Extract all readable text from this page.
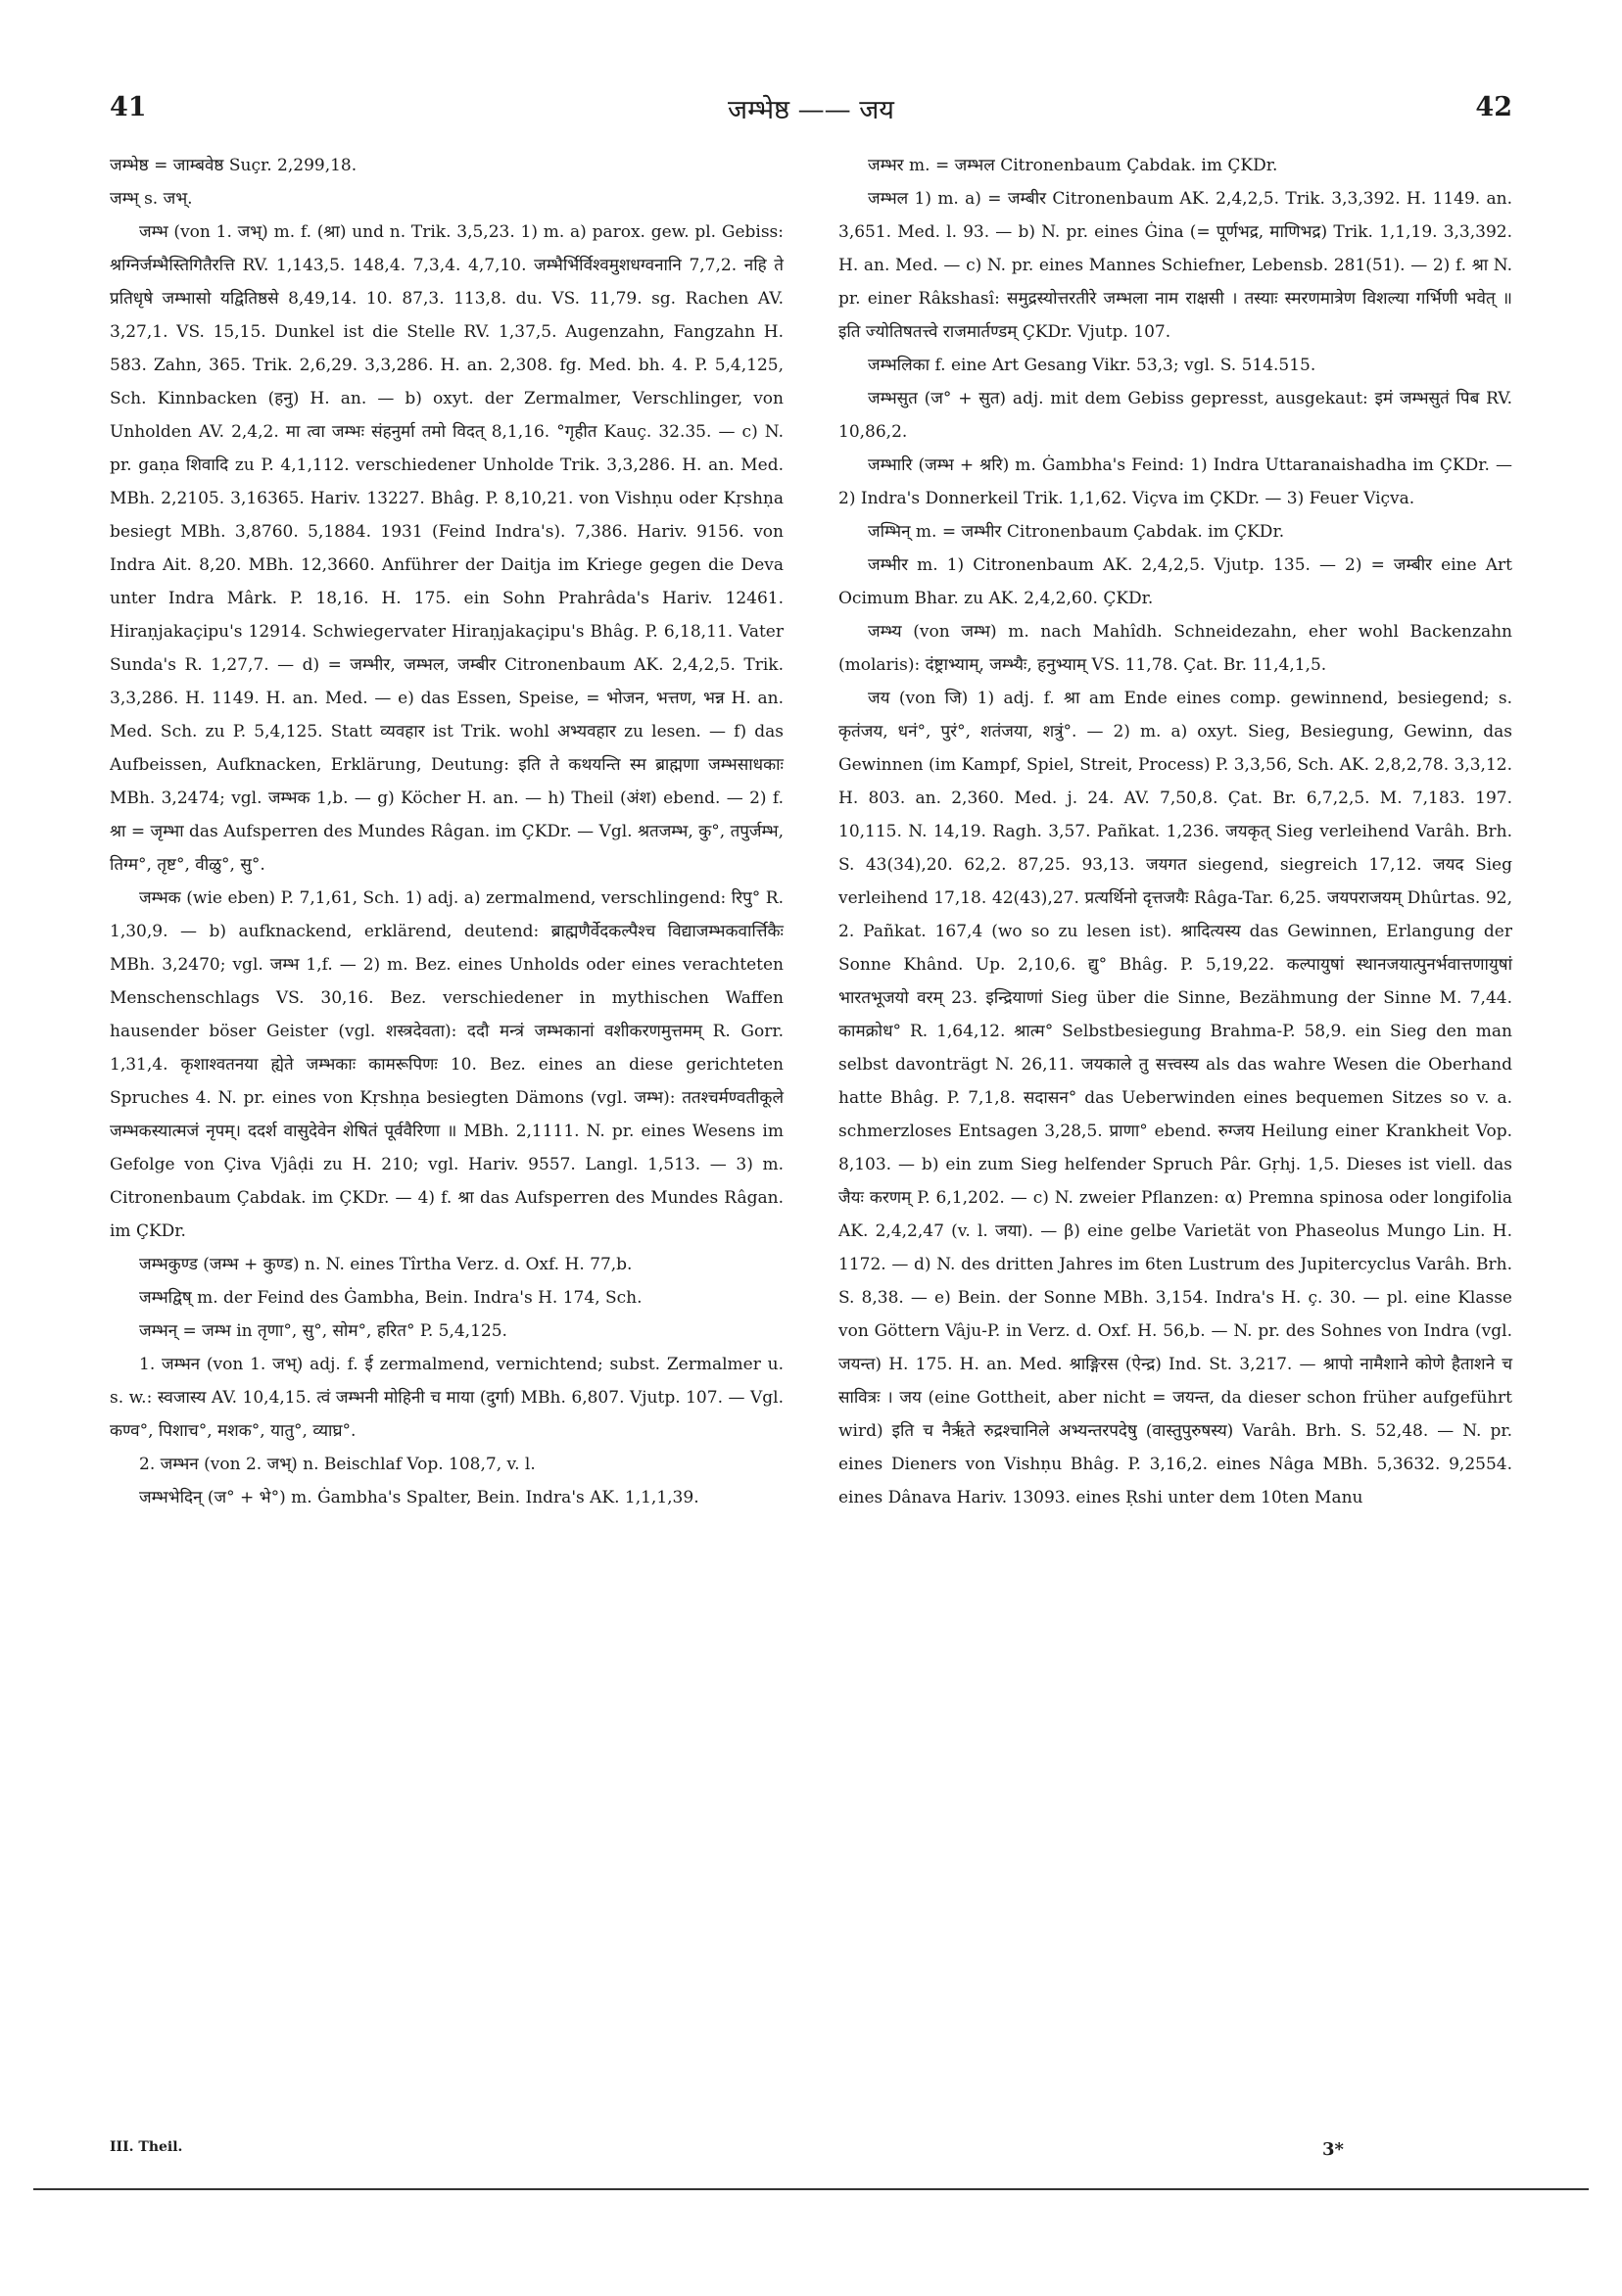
41	जम्भेष्ठ —— जय	42

जम्भेष्ठ = जाम्बवेष्ठ Suçr. 2,299,18.

जम्भ् s. जभ्.

जम्भ (von 1. जभ्) m. f. (श्रा) und n. Trik. 3,5,23. 1) m. a) parox. gew. pl. Gebiss: श्रग्निर्जम्भैस्तिगितैरत्ति RV. 1,143,5. 148,4. 7,3,4. 4,7,10. जम्भैर्भिर्विश्वमुशधग्वनानि 7,7,2. नहि ते प्रतिधृषे जम्भासो यद्वितिष्ठसे 8,49,14. 10. 87,3. 113,8. du. VS. 11,79. sg. Rachen AV. 3,27,1. VS. 15,15. Dunkel ist die Stelle RV. 1,37,5. Augenzahn, Fangzahn H. 583. Zahn, 365. Trik. 2,6,29. 3,3,286. H. an. 2,308. fg. Med. bh. 4. P. 5,4,125, Sch. Kinnbacken (हनु) H. an. — b) oxyt. der Zermalmer, Verschlinger, von Unholden AV. 2,4,2. मा त्वा जम्भः संहनुर्मा तमो विदत् 8,1,16. °गृहीत Kauç. 32.35. — c) N. pr. gaṇa शिवादि zu P. 4,1,112. verschiedener Unholde Trik. 3,3,286. H. an. Med. MBh. 2,2105. 3,16365. Hariv. 13227. Bhâg. P. 8,10,21. von Vishṇu oder Kṛshṇa besiegt MBh. 3,8760. 5,1884. 1931 (Feind Indra's). 7,386. Hariv. 9156. von Indra Ait. 8,20. MBh. 12,3660. Anführer der Daitja im Kriege gegen die Deva unter Indra Mârk. P. 18,16. H. 175. ein Sohn Prahrâda's Hariv. 12461. Hiraṇjakaçipu's 12914. Schwiegervater Hiraṇjakaçipu's Bhâg. P. 6,18,11. Vater Sunda's R. 1,27,7. — d) = जम्भीर, जम्भल, जम्बीर Citronenbaum AK. 2,4,2,5. Trik. 3,3,286. H. 1149. H. an. Med. — e) das Essen, Speise, = भोजन, भत्तण, भन्न H. an. Med. Sch. zu P. 5,4,125. Statt व्यवहार ist Trik. wohl अभ्यवहार zu lesen. — f) das Aufbeissen, Aufknacken, Erklärung, Deutung: इति ते कथयन्ति स्म ब्राह्मणा जम्भसाधकाः MBh. 3,2474; vgl. जम्भक 1,b. — g) Köcher H. an. — h) Theil (अंश) ebend. — 2) f. श्रा = जृम्भा das Aufsperren des Mundes Râgan. im ÇKDr. — Vgl. श्रतजम्भ, कु°, तपुर्जम्भ, तिग्म°, तृष्ट°, वीळु°, सु°.

जम्भक (wie eben) P. 7,1,61, Sch. 1) adj. a) zermalmend, verschlingend: रिपु° R. 1,30,9. — b) aufknackend, erklärend, deutend: ब्राह्मणैर्वेदकल्पैश्च विद्याजम्भकवार्त्तिकैः MBh. 3,2470; vgl. जम्भ 1,f. — 2) m. Bez. eines Unholds oder eines verachteten Menschenschlags VS. 30,16. Bez. verschiedener in mythischen Waffen hausender böser Geister (vgl. शस्त्रदेवता): ददौ मन्त्रं जम्भकानां वशीकरणमुत्तमम् R. Gorr. 1,31,4. कृशाश्वतनया ह्येते जम्भकाः कामरूपिणः 10. Bez. eines an diese gerichteten Spruches 4. N. pr. eines von Kṛshṇa besiegten Dämons (vgl. जम्भ): ततश्चर्मण्वतीकूले जम्भकस्यात्मजं नृपम्। ददर्श वासुदेवेन शेषितं पूर्ववैरिणा ॥ MBh. 2,1111. N. pr. eines Wesens im Gefolge von Çiva Vjâḍi zu H. 210; vgl. Hariv. 9557. Langl. 1,513. — 3) m. Citronenbaum Çabdak. im ÇKDr. — 4) f. श्रा das Aufsperren des Mundes Râgan. im ÇKDr.

जम्भकुण्ड (जम्भ + कुण्ड) n. N. eines Tîrtha Verz. d. Oxf. H. 77,b.

जम्भद्विष् m. der Feind des Ġambha, Bein. Indra's H. 174, Sch.

जम्भन् = जम्भ in तृणा°, सु°, सोम°, हरित° P. 5,4,125.

1. जम्भन (von 1. जभ्) adj. f. ई zermalmend, vernichtend; subst. Zermalmer u. s. w.: स्वजास्य AV. 10,4,15. त्वं जम्भनी मोहिनी च माया (दुर्गा) MBh. 6,807. Vjutp. 107. — Vgl. कण्व°, पिशाच°, मशक°, यातु°, व्याघ्र°.

2. जम्भन (von 2. जभ्) n. Beischlaf Vop. 108,7, v. l.

जम्भभेदिन् (ज° + भे°) m. Ġambha's Spalter, Bein. Indra's AK. 1,1,1,39.

जम्भर m. = जम्भल Citronenbaum Çabdak. im ÇKDr.

जम्भल 1) m. a) = जम्बीर Citronenbaum AK. 2,4,2,5. Trik. 3,3,392. H. 1149. an. 3,651. Med. l. 93. — b) N. pr. eines Ġina (= पूर्णभद्र, माणिभद्र) Trik. 1,1,19. 3,3,392. H. an. Med. — c) N. pr. eines Mannes Schiefner, Lebensb. 281(51). — 2) f. श्रा N. pr. einer Râkshasî: समुद्रस्योत्तरतीरे जम्भला नाम राक्षसी । तस्याः स्मरणमात्रेण विशल्या गर्भिणी भवेत् ॥ इति ज्योतिषतत्त्वे राजमार्तण्डम् ÇKDr. Vjutp. 107.

जम्भलिका f. eine Art Gesang Vikr. 53,3; vgl. S. 514.515.

जम्भसुत (ज° + सुत) adj. mit dem Gebiss gepresst, ausgekaut: इमं जम्भसुतं पिब RV. 10,86,2.

जम्भारि (जम्भ + श्ररि) m. Ġambha's Feind: 1) Indra Uttaranaishadha im ÇKDr. — 2) Indra's Donnerkeil Trik. 1,1,62. Viçva im ÇKDr. — 3) Feuer Viçva.

जम्भिन् m. = जम्भीर Citronenbaum Çabdak. im ÇKDr.

जम्भीर m. 1) Citronenbaum AK. 2,4,2,5. Vjutp. 135. — 2) = जम्बीर eine Art Ocimum Bhar. zu AK. 2,4,2,60. ÇKDr.

जम्भ्य (von जम्भ) m. nach Mahîdh. Schneidezahn, eher wohl Backenzahn (molaris): दंष्ट्राभ्याम्, जम्भ्यैः, हनुभ्याम् VS. 11,78. Çat. Br. 11,4,1,5.

जय (von जि) 1) adj. f. श्रा am Ende eines comp. gewinnend, besiegend; s. कृतंजय, धनं°, पुरं°, शतंजया, शत्रुं°. — 2) m. a) oxyt. Sieg, Besiegung, Gewinn, das Gewinnen (im Kampf, Spiel, Streit, Process) P. 3,3,56, Sch. AK. 2,8,2,78. 3,3,12. H. 803. an. 2,360. Med. j. 24. AV. 7,50,8. Çat. Br. 6,7,2,5. M. 7,183. 197. 10,115. N. 14,19. Ragh. 3,57. Pañkat. 1,236. जयकृत् Sieg verleihend Varâh. Brh. S. 43(34),20. 62,2. 87,25. 93,13. जयगत siegend, siegreich 17,12. जयद Sieg verleihend 17,18. 42(43),27. प्रत्यर्थिनो दृत्तजयैः Râga-Tar. 6,25. जयपराजयम् Dhûrtas. 92, 2. Pañkat. 167,4 (wo so zu lesen ist). श्रादित्यस्य das Gewinnen, Erlangung der Sonne Khând. Up. 2,10,6. द्यु° Bhâg. P. 5,19,22. कल्पायुषां स्थानजयात्पुनर्भवात्तणायुषां भारतभूजयो वरम् 23. इन्द्रियाणां Sieg über die Sinne, Bezähmung der Sinne M. 7,44. कामक्रोध° R. 1,64,12. श्रात्म° Selbstbesiegung Brahma-P. 58,9. ein Sieg den man selbst davonträgt N. 26,11. जयकाले तु सत्त्वस्य als das wahre Wesen die Oberhand hatte Bhâg. P. 7,1,8. सदासन° das Ueberwinden eines bequemen Sitzes so v. a. schmerzloses Entsagen 3,28,5. प्राणा° ebend. रुग्जय Heilung einer Krankheit Vop. 8,103. — b) ein zum Sieg helfender Spruch Pâr. Gṛhj. 1,5. Dieses ist viell. das जैयः करणम् P. 6,1,202. — c) N. zweier Pflanzen: α) Premna spinosa oder longifolia AK. 2,4,2,47 (v. l. जया). — β) eine gelbe Varietät von Phaseolus Mungo Lin. H. 1172. — d) N. des dritten Jahres im 6ten Lustrum des Jupitercyclus Varâh. Brh. S. 8,38. — e) Bein. der Sonne MBh. 3,154. Indra's H. ç. 30. — pl. eine Klasse von Göttern Vâju-P. in Verz. d. Oxf. H. 56,b. — N. pr. des Sohnes von Indra (vgl. जयन्त) H. 175. H. an. Med. श्राङ्गिरस (ऐन्द्र) Ind. St. 3,217. — श्रापो नामैशाने कोणे हैताशने च सावित्रः । जय (eine Gottheit, aber nicht = जयन्त, da dieser schon früher aufgeführt wird) इति च नैर्ऋते रुद्रश्चानिले अभ्यन्तरपदेषु (वास्तुपुरुषस्य) Varâh. Brh. S. 52,48. — N. pr. eines Dieners von Vishṇu Bhâg. P. 3,16,2. eines Nâga MBh. 5,3632. 9,2554. eines Dânava Hariv. 13093. eines Ṛshi unter dem 10ten Manu

III. Theil.	3*
